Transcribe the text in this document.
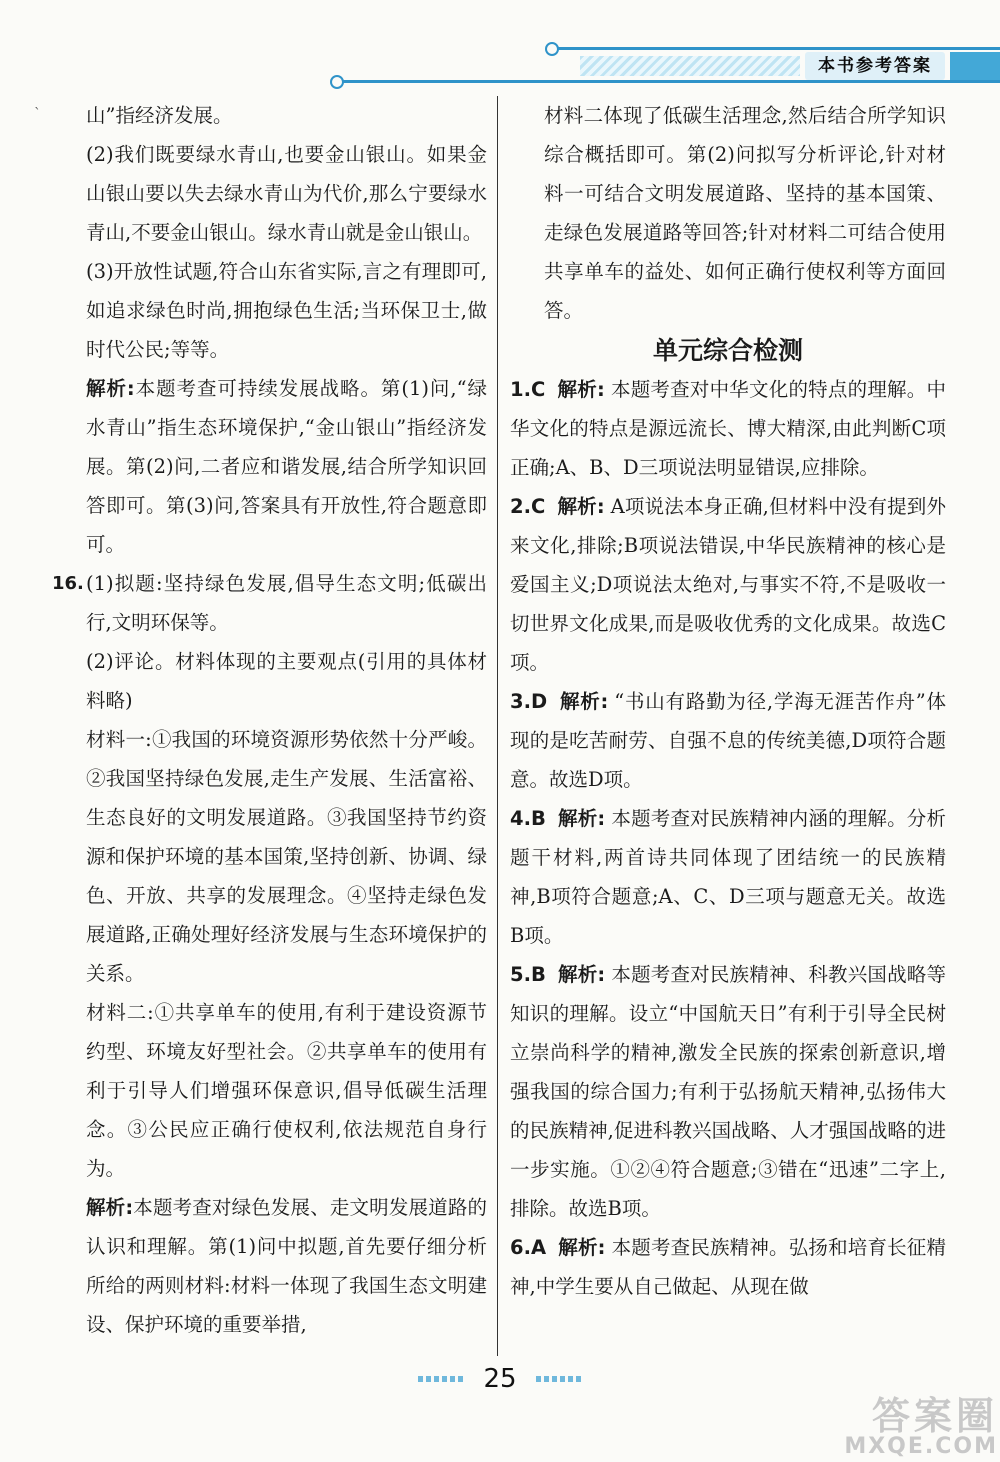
本书参考答案
`	山”指经济发展。

(2)我们既要绿水青山,也要金山银山。如果金山银山要以失去绿水青山为代价,那么宁要绿水青山,不要金山银山。绿水青山就是金山银山。

(3)开放性试题,符合山东省实际,言之有理即可,如追求绿色时尚,拥抱绿色生活;当环保卫士,做时代公民;等等。

解析:本题考查可持续发展战略。第(1)问,“绿水青山”指生态环境保护,“金山银山”指经济发展。第(2)问,二者应和谐发展,结合所学知识回答即可。第(3)问,答案具有开放性,符合题意即可。

16. (1)拟题:坚持绿色发展,倡导生态文明;低碳出行,文明环保等。

(2)评论。材料体现的主要观点(引用的具体材料略)

材料一:①我国的环境资源形势依然十分严峻。②我国坚持绿色发展,走生产发展、生活富裕、生态良好的文明发展道路。③我国坚持节约资源和保护环境的基本国策,坚持创新、协调、绿色、开放、共享的发展理念。④坚持走绿色发展道路,正确处理好经济发展与生态环境保护的关系。

材料二:①共享单车的使用,有利于建设资源节约型、环境友好型社会。②共享单车的使用有利于引导人们增强环保意识,倡导低碳生活理念。③公民应正确行使权利,依法规范自身行为。

解析:本题考查对绿色发展、走文明发展道路的认识和理解。第(1)问中拟题,首先要仔细分析所给的两则材料:材料一体现了我国生态文明建设、保护环境的重要举措,

材料二体现了低碳生活理念,然后结合所学知识综合概括即可。第(2)问拟写分析评论,针对材料一可结合文明发展道路、坚持的基本国策、走绿色发展道路等回答;针对材料二可结合使用共享单车的益处、如何正确行使权利等方面回答。

单元综合检测

1.C 解析: 本题考查对中华文化的特点的理解。中华文化的特点是源远流长、博大精深,由此判断C项正确;A、B、D三项说法明显错误,应排除。
2.C 解析: A项说法本身正确,但材料中没有提到外来文化,排除;B项说法错误,中华民族精神的核心是爱国主义;D项说法太绝对,与事实不符,不是吸收一切世界文化成果,而是吸收优秀的文化成果。故选C项。
3.D 解析: “书山有路勤为径,学海无涯苦作舟”体现的是吃苦耐劳、自强不息的传统美德,D项符合题意。故选D项。
4.B 解析: 本题考查对民族精神内涵的理解。分析题干材料,两首诗共同体现了团结统一的民族精神,B项符合题意;A、C、D三项与题意无关。故选B项。
5.B 解析: 本题考查对民族精神、科教兴国战略等知识的理解。设立“中国航天日”有利于引导全民树立崇尚科学的精神,激发全民族的探索创新意识,增强我国的综合国力;有利于弘扬航天精神,弘扬伟大的民族精神,促进科教兴国战略、人才强国战略的进一步实施。①②④符合题意;③错在“迅速”二字上,排除。故选B项。
6.A 解析: 本题考查民族精神。弘扬和培育长征精神,中学生要从自己做起、从现在做
25
答案圈
MXQE.COM
